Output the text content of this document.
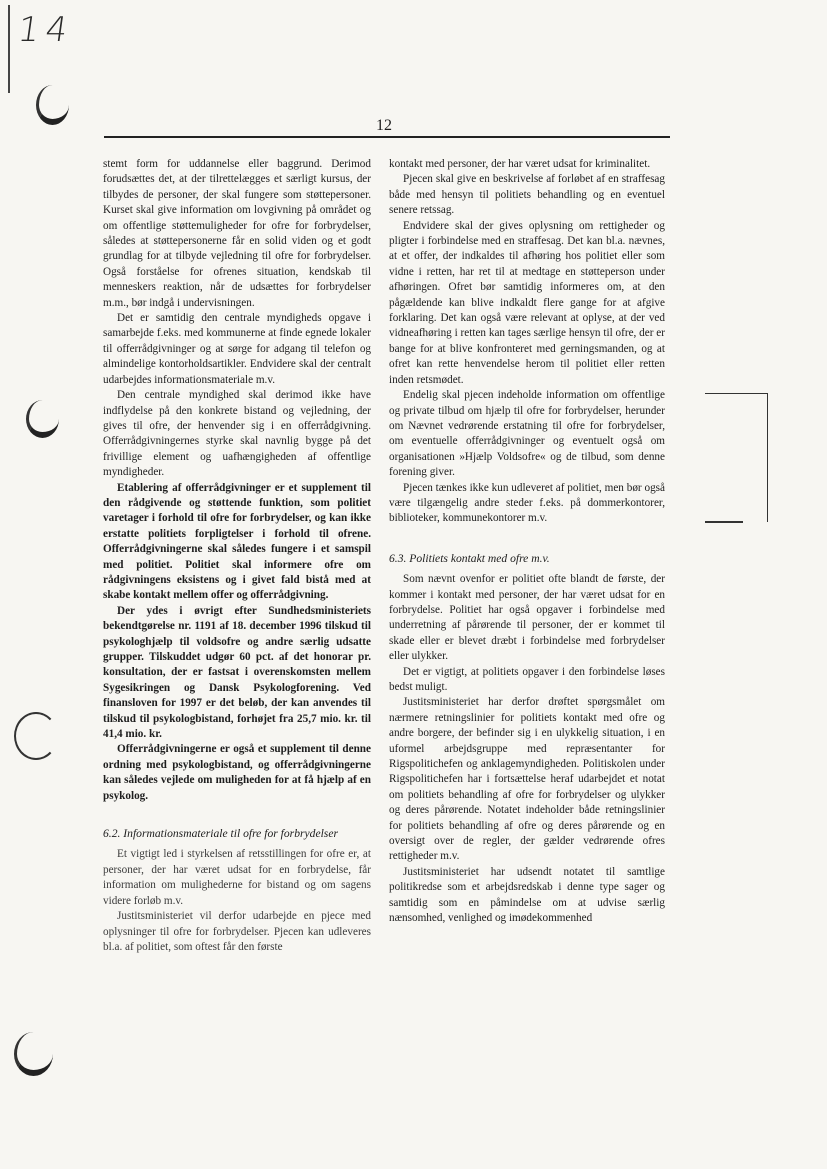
14
12

stemt form for uddannelse eller baggrund. Derimod forudsættes det, at der tilrettelægges et særligt kursus, der tilbydes de personer, der skal fungere som støttepersoner. Kurset skal give information om lovgivning på området og om offentlige støttemuligheder for ofre for forbrydelser, således at støttepersonerne får en solid viden og et godt grundlag for at tilbyde vejledning til ofre for forbrydelser. Også forståelse for ofrenes situation, kendskab til menneskers reaktion, når de udsættes for forbrydelser m.m., bør indgå i undervisningen.

Det er samtidig den centrale myndigheds opgave i samarbejde f.eks. med kommunerne at finde egnede lokaler til offerrådgivninger og at sørge for adgang til telefon og almindelige kontorholdsartikler. Endvidere skal der centralt udarbejdes informationsmateriale m.v.

Den centrale myndighed skal derimod ikke have indflydelse på den konkrete bistand og vejledning, der gives til ofre, der henvender sig i en offerrådgivning. Offerrådgivningernes styrke skal navnlig bygge på det frivillige element og uafhængigheden af offentlige myndigheder.

Etablering af offerrådgivninger er et supplement til den rådgivende og støttende funktion, som politiet varetager i forhold til ofre for forbrydelser, og kan ikke erstatte politiets forpligtelser i forhold til ofrene. Offerrådgivningerne skal således fungere i et samspil med politiet. Politiet skal informere ofre om rådgivningens eksistens og i givet fald bistå med at skabe kontakt mellem offer og offerrådgivning.

Der ydes i øvrigt efter Sundhedsministeriets bekendtgørelse nr. 1191 af 18. december 1996 tilskud til psykologhjælp til voldsofre og andre særlig udsatte grupper. Tilskuddet udgør 60 pct. af det honorar pr. konsultation, der er fastsat i overenskomsten mellem Sygesikringen og Dansk Psykologforening. Ved finansloven for 1997 er det beløb, der kan anvendes til tilskud til psykologbistand, forhøjet fra 25,7 mio. kr. til 41,4 mio. kr.

Offerrådgivningerne er også et supplement til denne ordning med psykologbistand, og offerrådgivningerne kan således vejlede om muligheden for at få hjælp af en psykolog.

6.2. Informationsmateriale til ofre for forbrydelser

Et vigtigt led i styrkelsen af retsstillingen for ofre er, at personer, der har været udsat for en forbrydelse, får information om mulighederne for bistand og om sagens videre forløb m.v.

Justitsministeriet vil derfor udarbejde en pjece med oplysninger til ofre for forbrydelser. Pjecen kan udleveres bl.a. af politiet, som oftest får den første

kontakt med personer, der har været udsat for kriminalitet.

Pjecen skal give en beskrivelse af forløbet af en straffesag både med hensyn til politiets behandling og en eventuel senere retssag.

Endvidere skal der gives oplysning om rettigheder og pligter i forbindelse med en straffesag. Det kan bl.a. nævnes, at et offer, der indkaldes til afhøring hos politiet eller som vidne i retten, har ret til at medtage en støtteperson under afhøringen. Ofret bør samtidig informeres om, at den pågældende kan blive indkaldt flere gange for at afgive forklaring. Det kan også være relevant at oplyse, at der ved vidneafhøring i retten kan tages særlige hensyn til ofre, der er bange for at blive konfronteret med gerningsmanden, og at ofret kan rette henvendelse herom til politiet eller retten inden retsmødet.

Endelig skal pjecen indeholde information om offentlige og private tilbud om hjælp til ofre for forbrydelser, herunder om Nævnet vedrørende erstatning til ofre for forbrydelser, om eventuelle offerrådgivninger og eventuelt også om organisationen »Hjælp Voldsofre« og de tilbud, som denne forening giver.

Pjecen tænkes ikke kun udleveret af politiet, men bør også være tilgængelig andre steder f.eks. på dommerkontorer, biblioteker, kommunekontorer m.v.

6.3. Politiets kontakt med ofre m.v.

Som nævnt ovenfor er politiet ofte blandt de første, der kommer i kontakt med personer, der har været udsat for en forbrydelse. Politiet har også opgaver i forbindelse med underretning af pårørende til personer, der er kommet til skade eller er blevet dræbt i forbindelse med forbrydelser eller ulykker.

Det er vigtigt, at politiets opgaver i den forbindelse løses bedst muligt.

Justitsministeriet har derfor drøftet spørgsmålet om nærmere retningslinier for politiets kontakt med ofre og andre borgere, der befinder sig i en ulykkelig situation, i en uformel arbejdsgruppe med repræsentanter for Rigspolitichefen og anklagemyndigheden. Politiskolen under Rigspolitichefen har i fortsættelse heraf udarbejdet et notat om politiets behandling af ofre for forbrydelser og ulykker og deres pårørende. Notatet indeholder både retningslinier for politiets behandling af ofre og deres pårørende og en oversigt over de regler, der gælder vedrørende ofres rettigheder m.v.

Justitsministeriet har udsendt notatet til samtlige politikredse som et arbejdsredskab i denne type sager og samtidig som en påmindelse om at udvise særlig nænsomhed, venlighed og imødekommenhed
